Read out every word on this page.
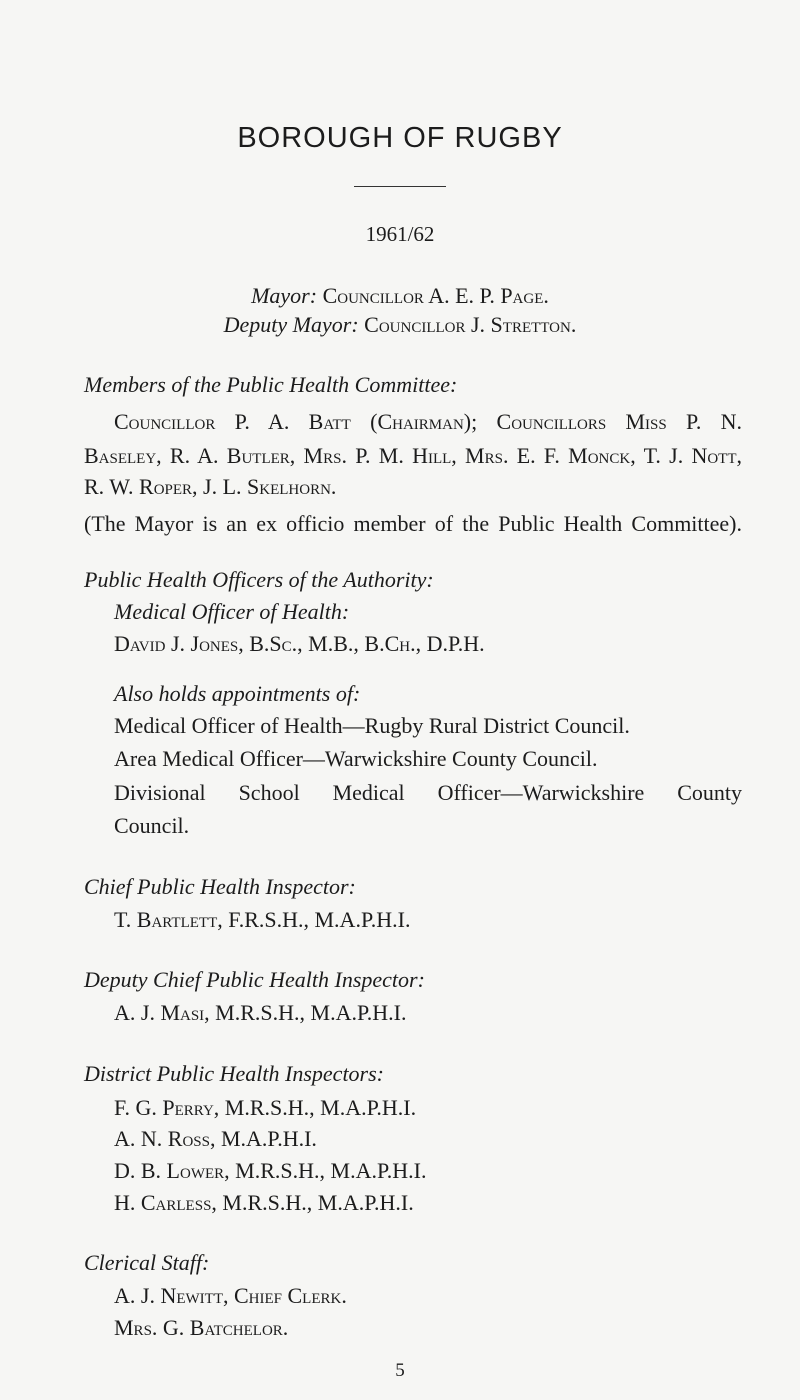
BOROUGH OF RUGBY
1961/62
Mayor: Councillor A. E. P. Page.
Deputy Mayor: Councillor J. Stretton.
Members of the Public Health Committee:
Councillor P. A. Batt (Chairman); Councillors Miss P. N.
Baseley, R. A. Butler, Mrs. P. M. Hill, Mrs. E. F. Monck, T. J. Nott,
R. W. Roper, J. L. Skelhorn.
(The Mayor is an ex officio member of the Public Health Committee).
Public Health Officers of the Authority:
Medical Officer of Health:
David J. Jones, B.Sc., M.B., B.Ch., D.P.H.
Also holds appointments of:
Medical Officer of Health—Rugby Rural District Council.
Area Medical Officer—Warwickshire County Council.
Divisional School Medical Officer—Warwickshire County
Council.
Chief Public Health Inspector:
T. Bartlett, F.R.S.H., M.A.P.H.I.
Deputy Chief Public Health Inspector:
A. J. Masi, M.R.S.H., M.A.P.H.I.
District Public Health Inspectors:
F. G. Perry, M.R.S.H., M.A.P.H.I.
A. N. Ross, M.A.P.H.I.
D. B. Lower, M.R.S.H., M.A.P.H.I.
H. Carless, M.R.S.H., M.A.P.H.I.
Clerical Staff:
A. J. Newitt, Chief Clerk.
Mrs. G. Batchelor.
5
